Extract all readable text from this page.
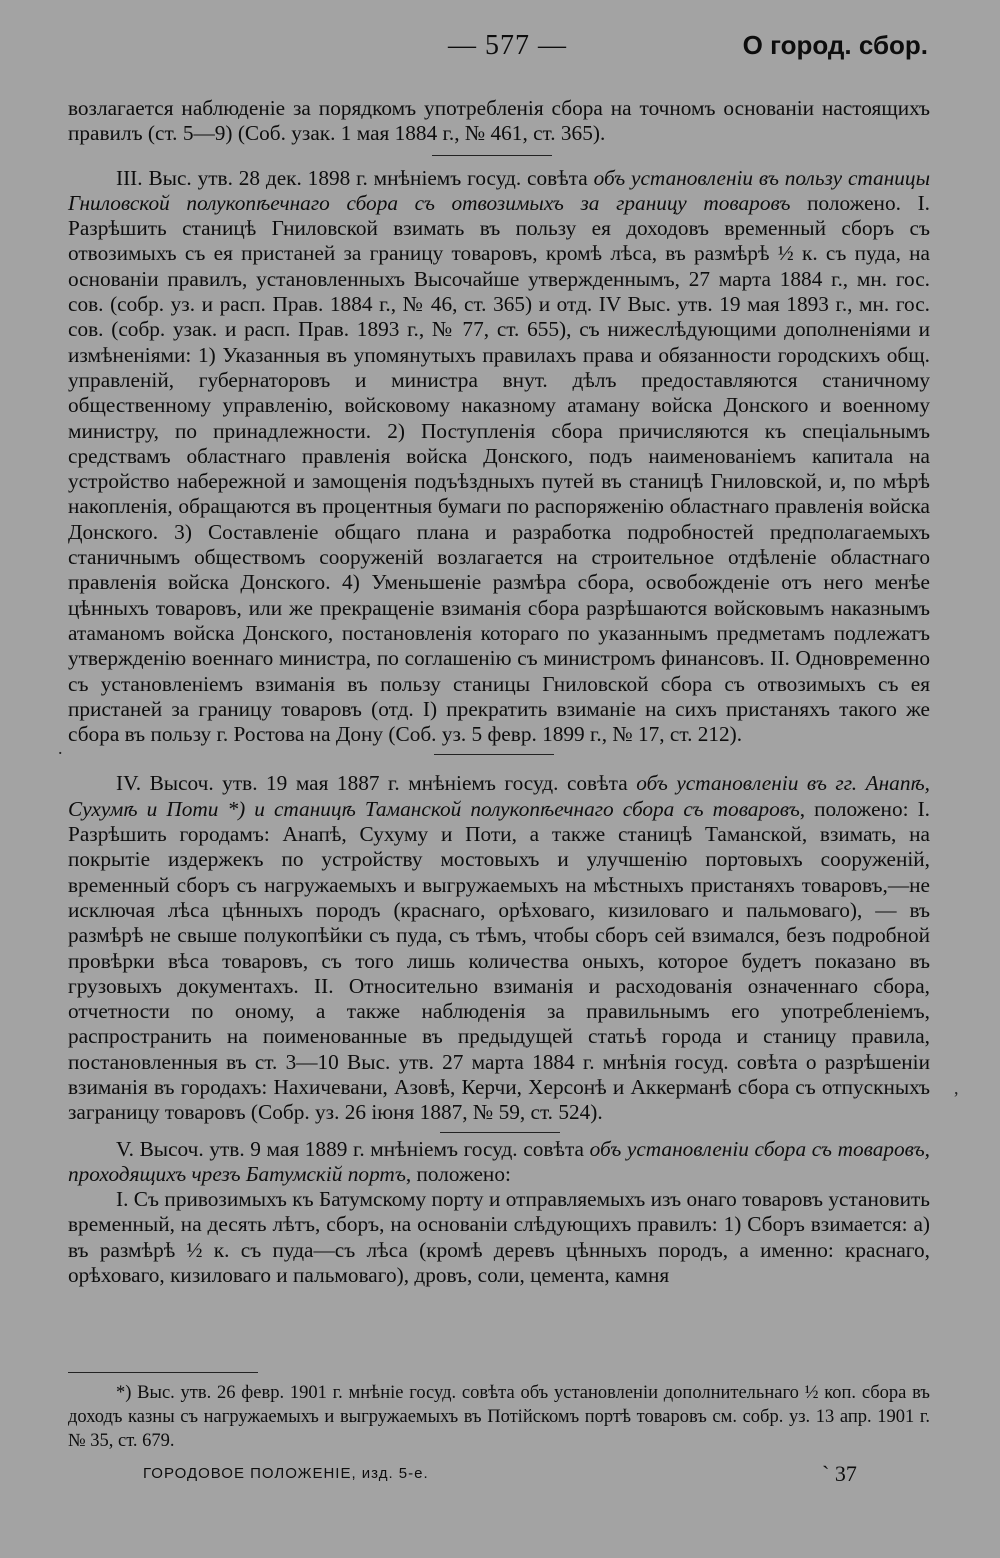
— 577 —	О город. сбор.

возлагается наблюденіе за порядкомъ употребленія сбора на точномъ основаніи настоящихъ правилъ (ст. 5—9) (Соб. узак. 1 мая 1884 г., № 461, ст. 365).

III. Выс. утв. 28 дек. 1898 г. мнѣніемъ госуд. совѣта объ установленіи въ пользу станицы Гниловской полукопѣечнаго сбора съ отвозимыхъ за границу товаровъ положено. I. Разрѣшить станицѣ Гниловской взимать въ пользу ея доходовъ временный сборъ съ отвозимыхъ съ ея пристаней за границу товаровъ, кромѣ лѣса, въ размѣрѣ ½ к. съ пуда, на основаніи правилъ, установленныхъ Высочайше утвержденнымъ, 27 марта 1884 г., мн. гос. сов. (собр. уз. и расп. Прав. 1884 г., № 46, ст. 365) и отд. IV Выс. утв. 19 мая 1893 г., мн. гос. сов. (собр. узак. и расп. Прав. 1893 г., № 77, ст. 655), съ нижеслѣдующими дополненіями и измѣненіями: 1) Указанныя въ упомянутыхъ правилахъ права и обязанности городскихъ общ. управленій, губернаторовъ и министра внут. дѣлъ предоставляются станичному общественному управленію, войсковому наказному атаману войска Донского и военному министру, по принадлежности. 2) Поступленія сбора причисляются къ спеціальнымъ средствамъ областнаго правленія войска Донского, подъ наименованіемъ капитала на устройство набережной и замощенія подъѣздныхъ путей въ станицѣ Гниловской, и, по мѣрѣ накопленія, обращаются въ процентныя бумаги по распоряженію областнаго правленія войска Донского. 3) Составленіе общаго плана и разработка подробностей предполагаемыхъ станичнымъ обществомъ сооруженій возлагается на строительное отдѣленіе областнаго правленія войска Донского. 4) Уменьшеніе размѣра сбора, освобожденіе отъ него менѣе цѣнныхъ товаровъ, или же прекращеніе взиманія сбора разрѣшаются войсковымъ наказнымъ атаманомъ войска Донского, постановленія котораго по указаннымъ предметамъ подлежатъ утвержденію военнаго министра, по соглашенію съ министромъ финансовъ. II. Одновременно съ установленіемъ взиманія въ пользу станицы Гниловской сбора съ отвозимыхъ съ ея пристаней за границу товаровъ (отд. I) прекратить взиманіе на сихъ пристаняхъ такого же сбора въ пользу г. Ростова на Дону (Соб. уз. 5 февр. 1899 г., № 17, ст. 212).

IV. Высоч. утв. 19 мая 1887 г. мнѣніемъ госуд. совѣта объ установленіи въ гг. Анапѣ, Сухумѣ и Поти *) и станицѣ Таманской полукопѣечнаго сбора съ товаровъ, положено: I. Разрѣшить городамъ: Анапѣ, Сухуму и Поти, а также станицѣ Таманской, взимать, на покрытіе издержекъ по устройству мостовыхъ и улучшенію портовыхъ сооруженій, временный сборъ съ нагружаемыхъ и выгружаемыхъ на мѣстныхъ пристаняхъ товаровъ,—не исключая лѣса цѣнныхъ породъ (краснаго, орѣховаго, кизиловаго и пальмоваго), — въ размѣрѣ не свыше полукопѣйки съ пуда, съ тѣмъ, чтобы сборъ сей взимался, безъ подробной провѣрки вѣса товаровъ, съ того лишь количества оныхъ, которое будетъ показано въ грузовыхъ документахъ. II. Относительно взиманія и расходованія означеннаго сбора, отчетности по оному, а также наблюденія за правильнымъ его употребленіемъ, распространить на поименованные въ предыдущей статьѣ города и станицу правила, постановленныя въ ст. 3—10 Выс. утв. 27 марта 1884 г. мнѣнія госуд. совѣта о разрѣшеніи взиманія въ городахъ: Нахичевани, Азовѣ, Керчи, Херсонѣ и Аккерманѣ сбора съ отпускныхъ заграницу товаровъ (Собр. уз. 26 іюня 1887, № 59, ст. 524).

V. Высоч. утв. 9 мая 1889 г. мнѣніемъ госуд. совѣта объ установленіи сбора съ товаровъ, проходящихъ чрезъ Батумскій портъ, положено:

I. Съ привозимыхъ къ Батумскому порту и отправляемыхъ изъ онаго товаровъ установить временный, на десять лѣтъ, сборъ, на основаніи слѣдующихъ правилъ: 1) Сборъ взимается: а) въ размѣрѣ ½ к. съ пуда—съ лѣса (кромѣ деревъ цѣнныхъ породъ, а именно: краснаго, орѣховаго, кизиловаго и пальмоваго), дровъ, соли, цемента, камня

*) Выс. утв. 26 февр. 1901 г. мнѣніе госуд. совѣта объ установленіи дополнительнаго ½ коп. сбора въ доходъ казны съ нагружаемыхъ и выгружаемыхъ въ Потійскомъ портѣ товаровъ см. собр. уз. 13 апр. 1901 г. № 35, ст. 679.

ГОРОДОВОЕ ПОЛОЖЕНІЕ, изд. 5-е.	` 37
.
,
